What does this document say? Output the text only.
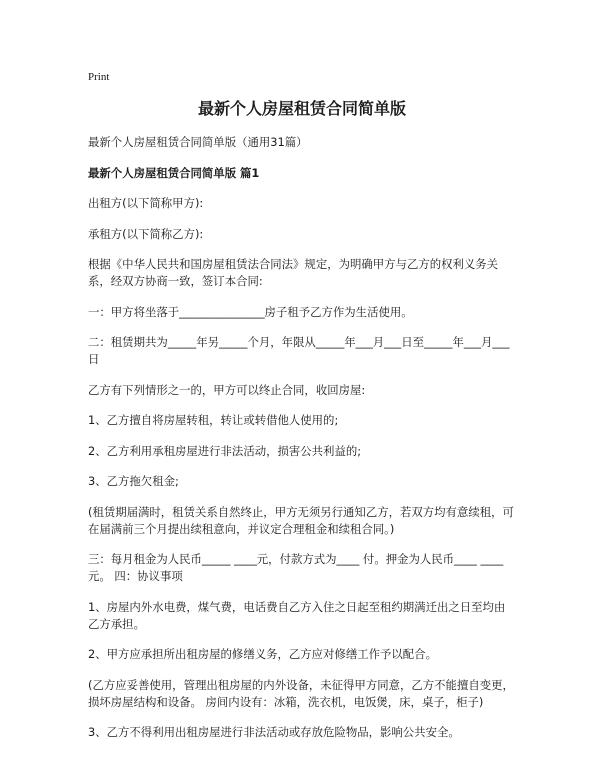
Print
最新个人房屋租赁合同简单版
最新个人房屋租赁合同简单版（通用31篇）
最新个人房屋租赁合同简单版 篇1
出租方(以下简称甲方):
承租方(以下简称乙方):
根据《中华人民共和国房屋租赁法合同法》规定，为明确甲方与乙方的权利义务关系，经双方协商一致，签订本合同:
一：甲方将坐落于_______________房子租予乙方作为生活使用。
二：租赁期共为_____年另_____个月，年限从_____年___月___日至_____年___月___日
乙方有下列情形之一的，甲方可以终止合同，收回房屋:
1、乙方擅自将房屋转租，转让或转借他人使用的;
2、乙方利用承租房屋进行非法活动，损害公共利益的;
3、乙方拖欠租金;
(租赁期届满时，租赁关系自然终止，甲方无须另行通知乙方，若双方均有意续租，可在届满前三个月提出续租意向，并议定合理租金和续租合同。)
三：每月租金为人民币_____ ____元，付款方式为____ 付。押金为人民币____ ____元。 四：协议事项
1、房屋内外水电费，煤气费，电话费自乙方入住之日起至租约期满迁出之日至均由乙方承担。
2、甲方应承担所出租房屋的修缮义务，乙方应对修缮工作予以配合。
(乙方应妥善使用，管理出租房屋的内外设备，未征得甲方同意，乙方不能擅自变更，损坏房屋结构和设备。 房间内设有：冰箱，洗衣机，电饭煲，床，桌子，柜子)
3、乙方不得利用出租房屋进行非法活动或存放危险物品，影响公共安全。
